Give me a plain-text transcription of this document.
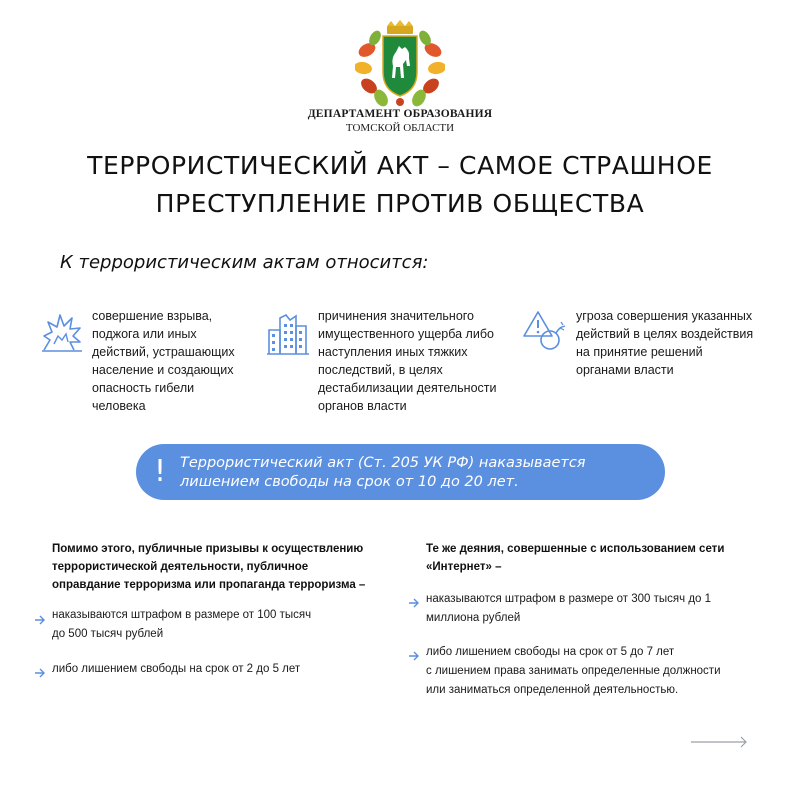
ДЕПАРТАМЕНТ ОБРАЗОВАНИЯ
ТОМСКОЙ ОБЛАСТИ
ТЕРРОРИСТИЧЕСКИЙ АКТ – САМОЕ СТРАШНОЕ
ПРЕСТУПЛЕНИЕ ПРОТИВ ОБЩЕСТВА
К террористическим актам относится:
совершение взрыва,
поджога или иных
действий, устрашающих
население и создающих
опасность гибели
человека
причинения значительного
имущественного ущерба либо
наступления иных тяжких
последствий, в целях
дестабилизации деятельности
органов власти
угроза совершения указанных
действий в целях воздействия
на принятие решений
органами власти
! Террористический акт (Ст. 205 УК РФ) наказывается
лишением свободы на срок от 10 до 20 лет.
Помимо этого, публичные призывы к осуществлению
террористической деятельности, публичное
оправдание терроризма или пропаганда терроризма –
наказываются штрафом в размере от 100 тысяч
до 500 тысяч рублей
либо лишением свободы на срок от 2 до 5 лет
Те же деяния, совершенные с использованием сети
«Интернет» –
наказываются штрафом в размере от 300 тысяч до 1
миллиона рублей
либо лишением свободы на срок от 5 до 7 лет
с лишением права занимать определенные должности
или заниматься определенной деятельностью.
